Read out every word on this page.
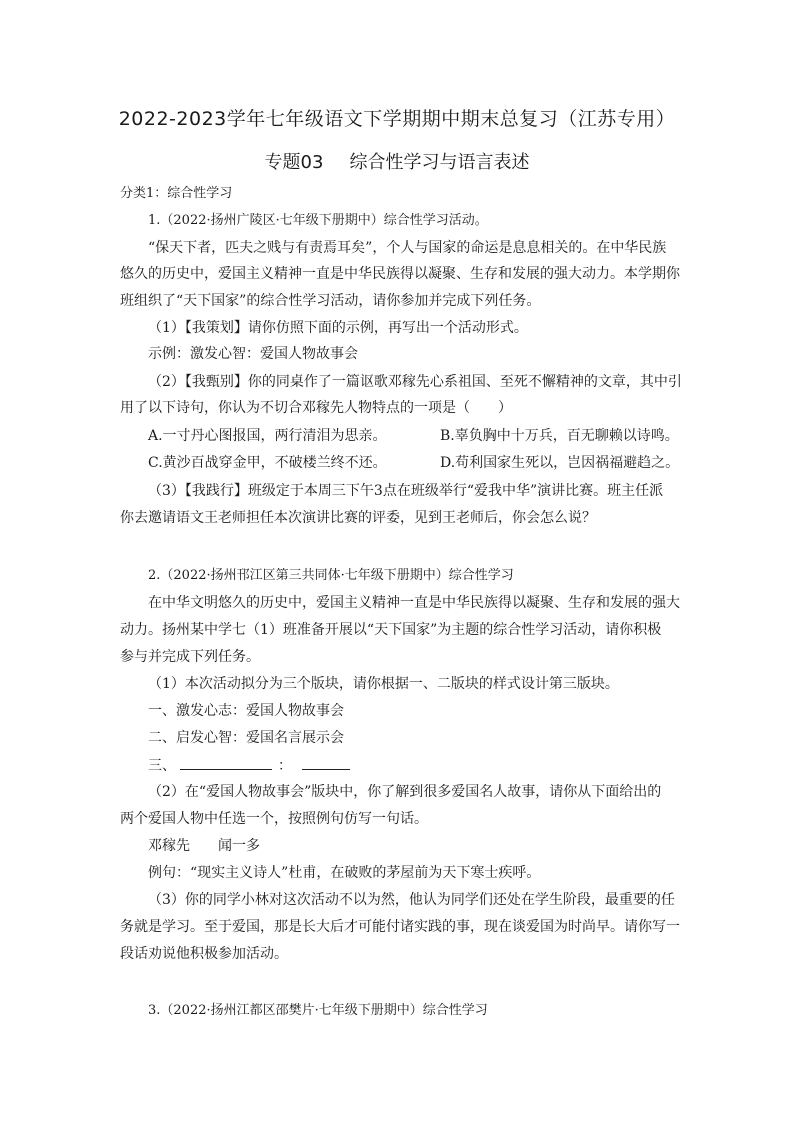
2022-2023学年七年级语文下学期期中期末总复习（江苏专用）
专题03 综合性学习与语言表述
分类1：综合性学习
1.（2022·扬州广陵区·七年级下册期中）综合性学习活动。
“保天下者，匹夫之贱与有责焉耳矣”，个人与国家的命运是息息相关的。在中华民族
悠久的历史中，爱国主义精神一直是中华民族得以凝聚、生存和发展的强大动力。本学期你
班组织了“天下国家”的综合性学习活动，请你参加并完成下列任务。
（1）【我策划】请你仿照下面的示例，再写出一个活动形式。
示例：激发心智：爱国人物故事会
（2）【我甄别】你的同桌作了一篇讴歌邓稼先心系祖国、至死不懈精神的文章，其中引
用了以下诗句，你认为不切合邓稼先人物特点的一项是（　　）
A.一寸丹心图报国，两行清泪为思亲。	B.辜负胸中十万兵，百无聊赖以诗鸣。
C.黄沙百战穿金甲，不破楼兰终不还。	D.苟利国家生死以，岂因祸福避趋之。
（3）【我践行】班级定于本周三下午3点在班级举行“爱我中华”演讲比赛。班主任派
你去邀请语文王老师担任本次演讲比赛的评委，见到王老师后，你会怎么说？
2.（2022·扬州邗江区第三共同体·七年级下册期中）综合性学习
在中华文明悠久的历史中，爱国主义精神一直是中华民族得以凝聚、生存和发展的强大
动力。扬州某中学七（1）班准备开展以“天下国家”为主题的综合性学习活动，请你积极
参与并完成下列任务。
（1）本次活动拟分为三个版块，请你根据一、二版块的样式设计第三版块。
一、激发心志：爱国人物故事会
二、启发心智：爱国名言展示会
三、	：
（2）在“爱国人物故事会”版块中，你了解到很多爱国名人故事，请你从下面给出的
两个爱国人物中任选一个，按照例句仿写一句话。
邓稼先　　闻一多
例句：“现实主义诗人”杜甫，在破败的茅屋前为天下寒士疾呼。
（3）你的同学小林对这次活动不以为然，他认为同学们还处在学生阶段，最重要的任
务就是学习。至于爱国，那是长大后才可能付诸实践的事，现在谈爱国为时尚早。请你写一
段话劝说他积极参加活动。
3.（2022·扬州江都区邵樊片·七年级下册期中）综合性学习
